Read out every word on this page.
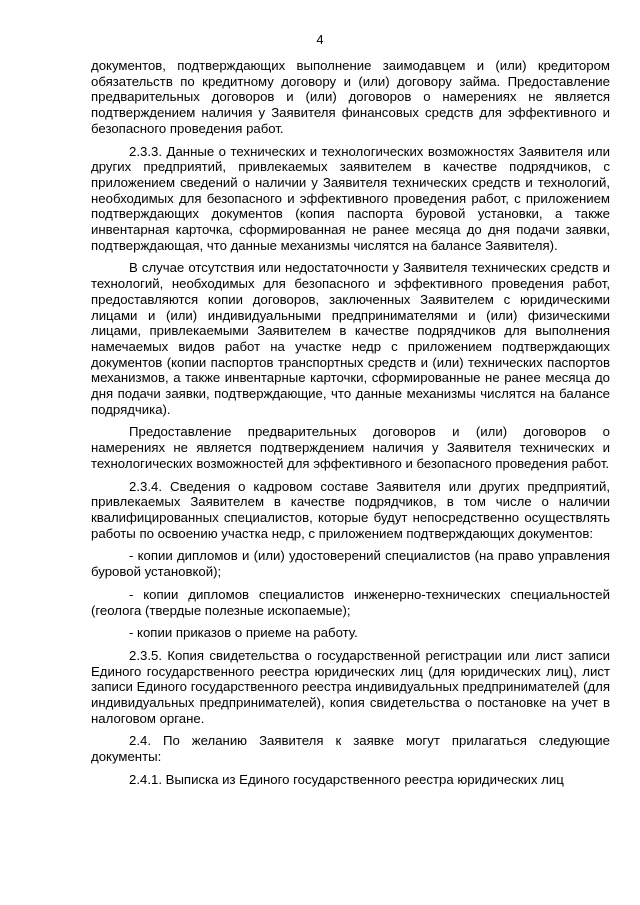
4

документов, подтверждающих выполнение заимодавцем и (или) кредитором обязательств по кредитному договору и (или) договору займа. Предоставление предварительных договоров и (или) договоров о намерениях не является подтверждением наличия у Заявителя финансовых средств для эффективного и безопасного проведения работ.

2.3.3. Данные о технических и технологических возможностях Заявителя или других предприятий, привлекаемых заявителем в качестве подрядчиков, с приложением сведений о наличии у Заявителя технических средств и технологий, необходимых для безопасного и эффективного проведения работ, с приложением подтверждающих документов (копия паспорта буровой установки, а также инвентарная карточка, сформированная не ранее месяца до дня подачи заявки, подтверждающая, что данные механизмы числятся на балансе Заявителя).

В случае отсутствия или недостаточности у Заявителя технических средств и технологий, необходимых для безопасного и эффективного проведения работ, предоставляются копии договоров, заключенных Заявителем с юридическими лицами и (или) индивидуальными предпринимателями и (или) физическими лицами, привлекаемыми Заявителем в качестве подрядчиков для выполнения намечаемых видов работ на участке недр с приложением подтверждающих документов (копии паспортов транспортных средств и (или) технических паспортов механизмов, а также инвентарные карточки, сформированные не ранее месяца до дня подачи заявки, подтверждающие, что данные механизмы числятся на балансе подрядчика).

Предоставление предварительных договоров и (или) договоров о намерениях не является подтверждением наличия у Заявителя технических и технологических возможностей для эффективного и безопасного проведения работ.

2.3.4. Сведения о кадровом составе Заявителя или других предприятий, привлекаемых Заявителем в качестве подрядчиков, в том числе о наличии квалифицированных специалистов, которые будут непосредственно осуществлять работы по освоению участка недр, с приложением подтверждающих документов:

- копии дипломов и (или) удостоверений специалистов (на право управления буровой установкой);

- копии дипломов специалистов инженерно-технических специальностей (геолога (твердые полезные ископаемые);

- копии приказов о приеме на работу.

2.3.5. Копия свидетельства о государственной регистрации или лист записи Единого государственного реестра юридических лиц (для юридических лиц), лист записи Единого государственного реестра индивидуальных предпринимателей (для индивидуальных предпринимателей), копия свидетельства о постановке на учет в налоговом органе.

2.4. По желанию Заявителя к заявке могут прилагаться следующие документы:

2.4.1. Выписка из Единого государственного реестра юридических лиц
